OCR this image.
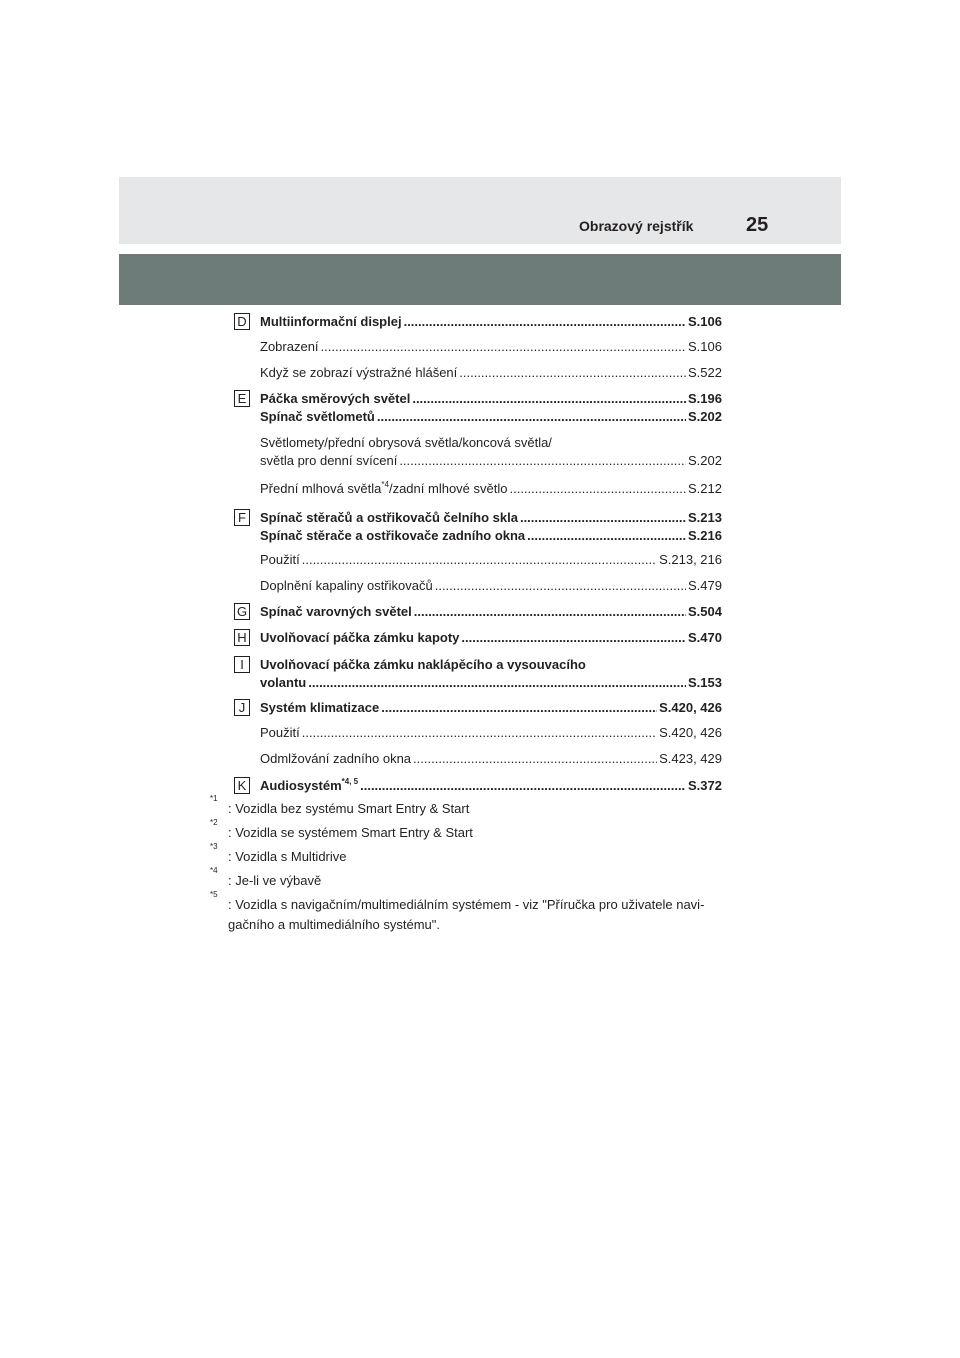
Obrazový rejstřík	25
D Multiinformační displej .....	S.106
Zobrazení .....	S.106
Když se zobrazí výstražné hlášení .....	S.522
E Páčka směrových světel .....	S.196
Spínač světlometů .....	S.202
Světlomety/přední obrysová světla/koncová světla/
světla pro denní svícení .....	S.202
Přední mlhová světla$^{*4}$/zadní mlhové světlo .....	S.212
F	Spínač stěračů a ostřikovačů čelního skla .....	S.213
Spínač stěrače a ostřikovače zadního okna .....	S.216
Použití .....	S.213, 216
Doplnění kapaliny ostřikovačů .....	S.479
G Spínač varovných světel .....	S.504
H Uvolňovací páčka zámku kapoty .....	S.470
I	Uvolňovací páčka zámku naklápěcího a vysouvacího
volantu .....	S.153
J	Systém klimatizace .....	S.420, 426
Použití .....	S.420, 426
Odmlžování zadního okna .....	S.423, 429
K Audiosystém$^{*4, 5}$ .....	S.372
*1
: Vozidla bez systému Smart Entry & Start
*2
: Vozidla se systémem Smart Entry & Start
*3
: Vozidla s Multidrive
*4
: Je-li ve výbavě
*5
: Vozidla s navigačním/multimediálním systémem - viz "Příručka pro uživatele navi-gačního a multimediálního systému".
